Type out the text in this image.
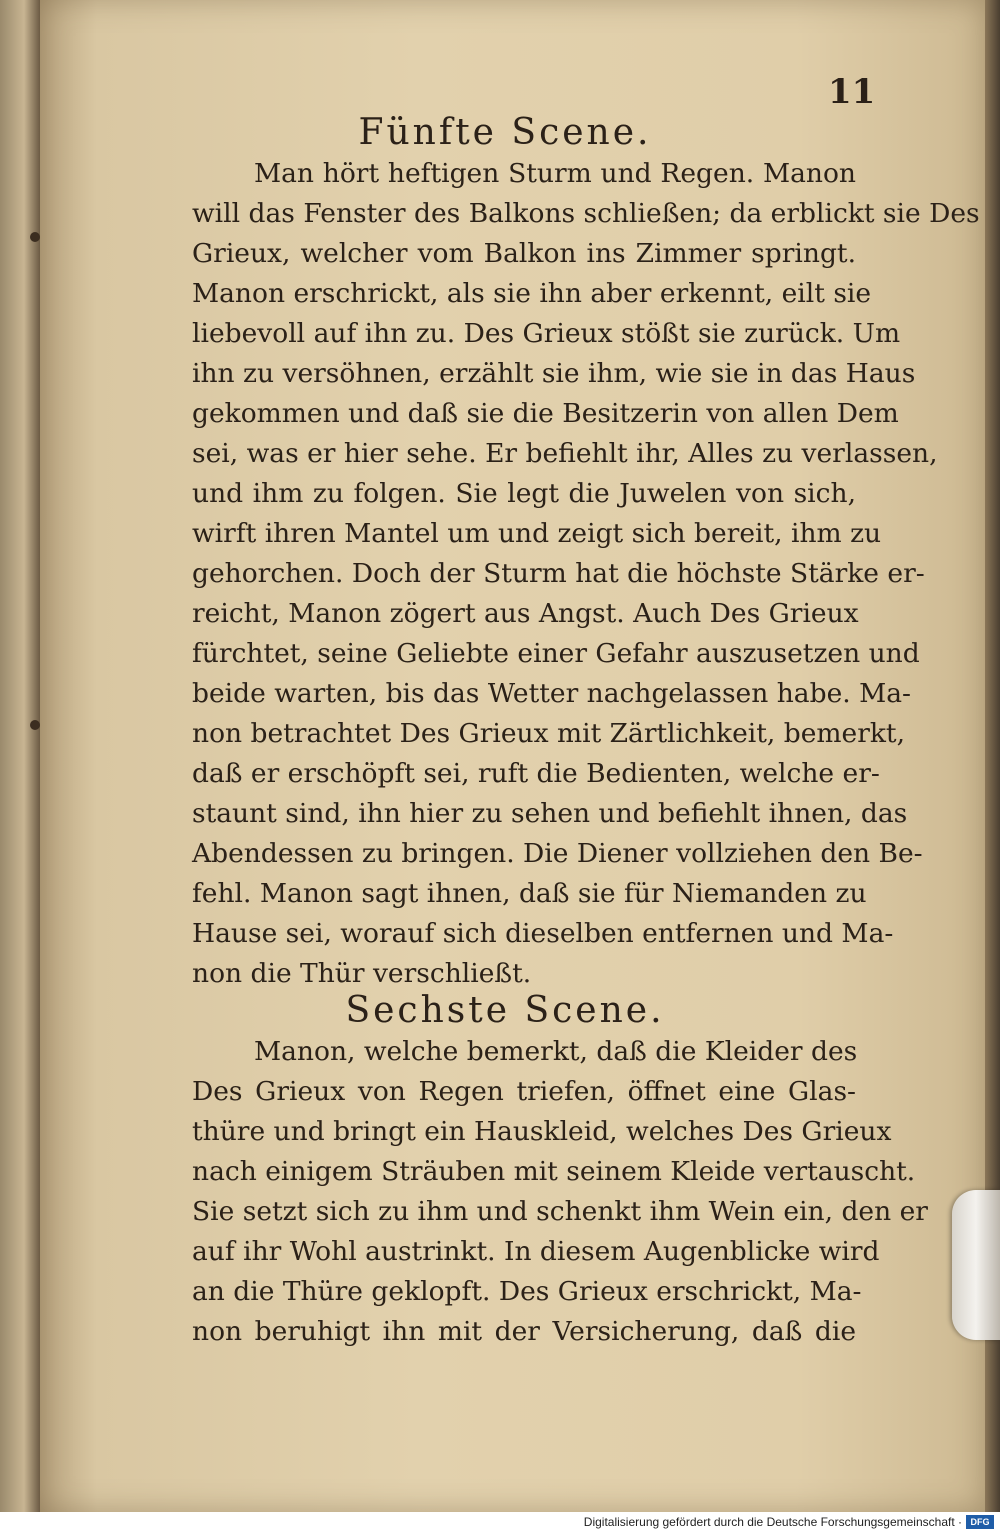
11
Fünfte Scene.
Man hört heftigen Sturm und Regen. Manon
will das Fenster des Balkons schließen; da erblickt sie Des
Grieux, welcher vom Balkon ins Zimmer springt.
Manon erschrickt, als sie ihn aber erkennt, eilt sie
liebevoll auf ihn zu. Des Grieux stößt sie zurück. Um
ihn zu versöhnen, erzählt sie ihm, wie sie in das Haus
gekommen und daß sie die Besitzerin von allen Dem
sei, was er hier sehe. Er befiehlt ihr, Alles zu verlassen,
und ihm zu folgen. Sie legt die Juwelen von sich,
wirft ihren Mantel um und zeigt sich bereit, ihm zu
gehorchen. Doch der Sturm hat die höchste Stärke er-
reicht, Manon zögert aus Angst. Auch Des Grieux
fürchtet, seine Geliebte einer Gefahr auszusetzen und
beide warten, bis das Wetter nachgelassen habe. Ma-
non betrachtet Des Grieux mit Zärtlichkeit, bemerkt,
daß er erschöpft sei, ruft die Bedienten, welche er-
staunt sind, ihn hier zu sehen und befiehlt ihnen, das
Abendessen zu bringen. Die Diener vollziehen den Be-
fehl. Manon sagt ihnen, daß sie für Niemanden zu
Hause sei, worauf sich dieselben entfernen und Ma-
non die Thür verschließt.
Sechste Scene.
Manon, welche bemerkt, daß die Kleider des
Des Grieux von Regen triefen, öffnet eine Glas-
thüre und bringt ein Hauskleid, welches Des Grieux
nach einigem Sträuben mit seinem Kleide vertauscht.
Sie setzt sich zu ihm und schenkt ihm Wein ein, den er
auf ihr Wohl austrinkt. In diesem Augenblicke wird
an die Thüre geklopft. Des Grieux erschrickt, Ma-
non beruhigt ihn mit der Versicherung, daß die
Digitalisierung gefördert durch die Deutsche Forschungsgemeinschaft · DFG
